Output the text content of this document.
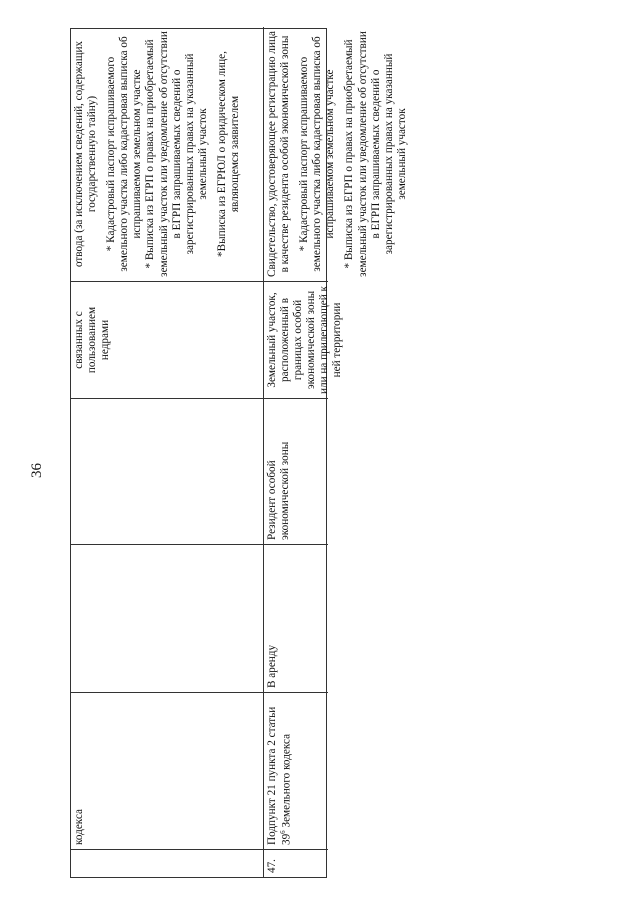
36
кодекса
связанных с пользованием недрами
отвода (за исключением сведений, содержащих государственную тайну) * Кадастровый паспорт испрашиваемого земельного участка либо кадастровая выписка об испрашиваемом земельном участке * Выписка из ЕГРП о правах на приобретаемый земельный участок или уведомление об отсутствии в ЕГРП запрашиваемых сведений о зарегистрированных правах на указанный земельный участок *Выписка из ЕГРЮЛ о юридическом лице, являющемся заявителем
47.
Подпункт 21 пункта 2 статьи $39^6$ Земельного кодекса
В аренду
Резидент особой экономической зоны
Земельный участок, расположенный в границах особой экономической зоны или на прилегающей к ней территории
Свидетельство, удостоверяющее регистрацию лица в качестве резидента особой экономической зоны * Кадастровый паспорт испрашиваемого земельного участка либо кадастровая выписка об испрашиваемом земельном участке * Выписка из ЕГРП о правах на приобретаемый земельный участок или уведомление об отсутствии в ЕГРП запрашиваемых сведений о зарегистрированных правах на указанный земельный участок
